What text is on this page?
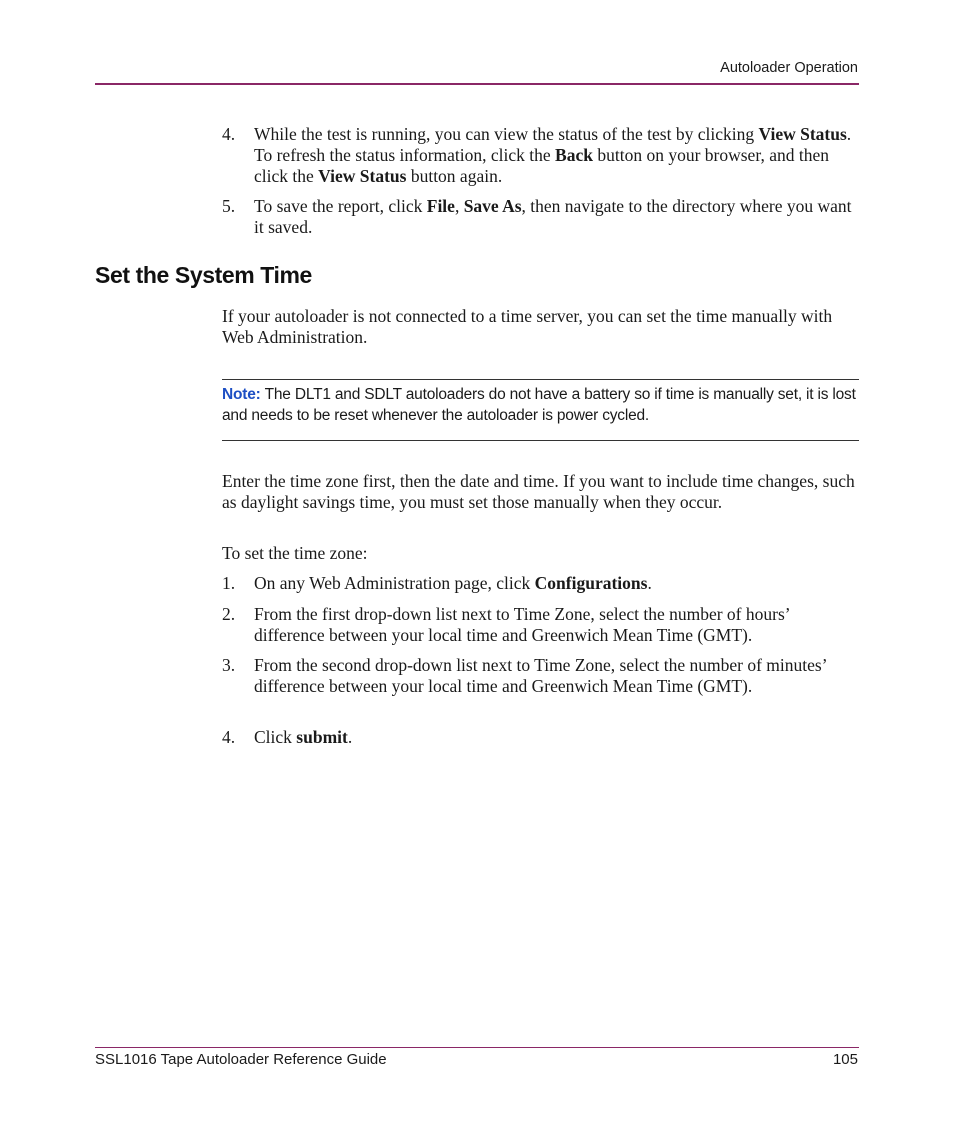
Autoloader Operation
4.	While the test is running, you can view the status of the test by clicking View Status. To refresh the status information, click the Back button on your browser, and then click the View Status button again.
5.	To save the report, click File, Save As, then navigate to the directory where you want it saved.
Set the System Time

If your autoloader is not connected to a time server, you can set the time manually with Web Administration.

Note: The DLT1 and SDLT autoloaders do not have a battery so if time is manually set, it is lost and needs to be reset whenever the autoloader is power cycled.

Enter the time zone first, then the date and time. If you want to include time changes, such as daylight savings time, you must set those manually when they occur.

To set the time zone:

1.	On any Web Administration page, click Configurations.
2.	From the first drop-down list next to Time Zone, select the number of hours’ difference between your local time and Greenwich Mean Time (GMT).
3.	From the second drop-down list next to Time Zone, select the number of minutes’ difference between your local time and Greenwich Mean Time (GMT).
4.	Click submit.
SSL1016 Tape Autoloader Reference Guide	105
